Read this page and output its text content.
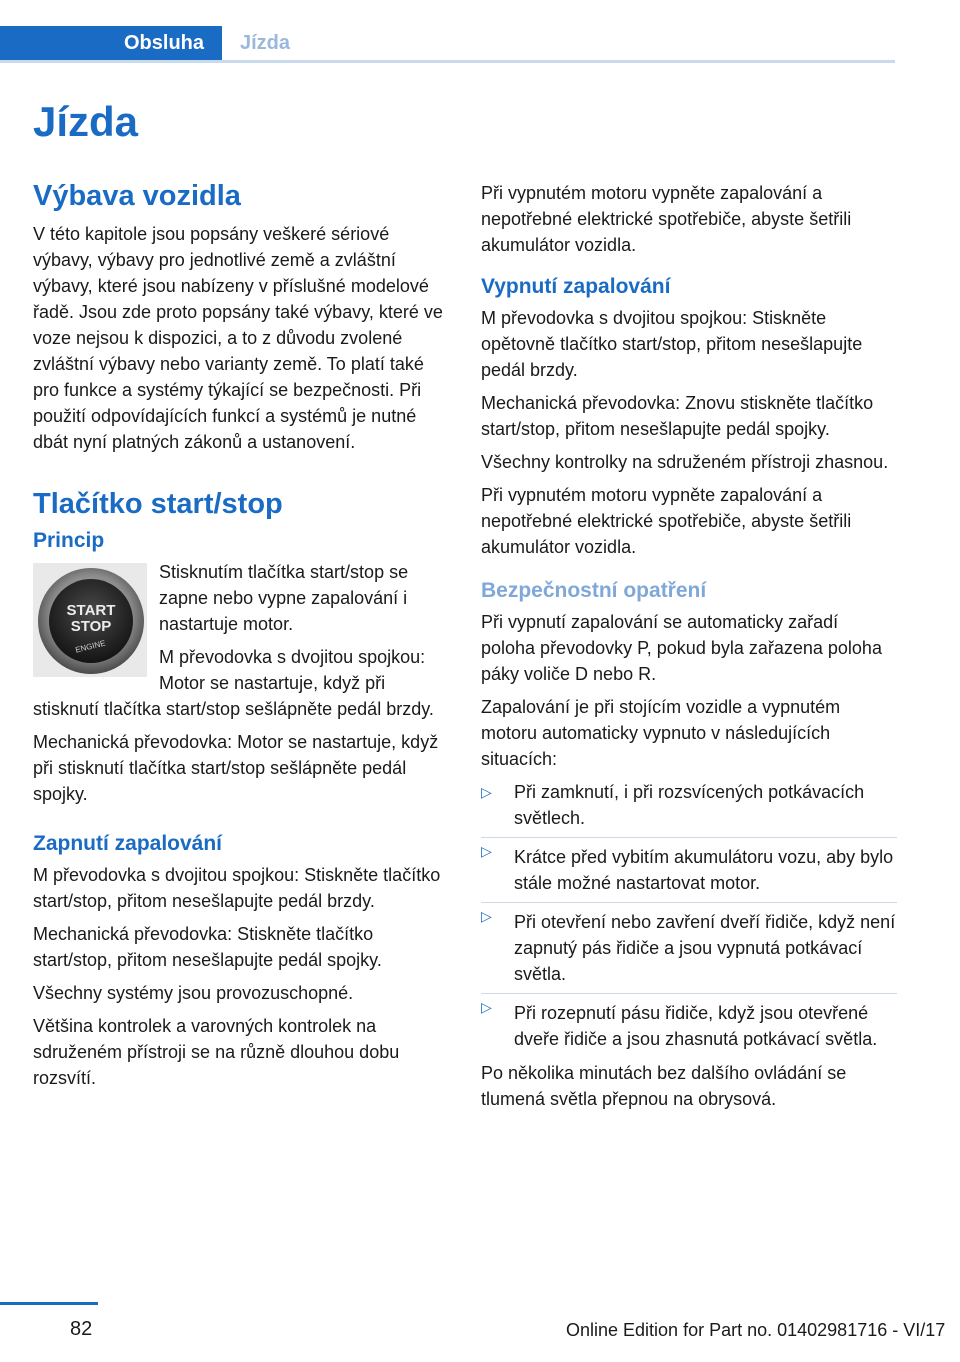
Obsluha Jízda
Jízda
Výbava vozidla

V této kapitole jsou popsány veškeré sériové výbavy, výbavy pro jednotlivé země a zvláštní výbavy, které jsou nabízeny v příslušné modelové řadě. Jsou zde proto popsány také výbavy, které ve voze nejsou k dispozici, a to z důvodu zvolené zvláštní výbavy nebo varianty země. To platí také pro funkce a systémy týkající se bezpečnosti. Při použití odpovídajících funkcí a systémů je nutné dbát nyní platných zákonů a ustanovení.

Tlačítko start/stop
Princip
START
STOP
ENGINE

Stisknutím tlačítka start/stop se zapne nebo vypne zapalování i nastartuje motor.

M převodovka s dvojitou spojkou: Motor se nastartuje, když při stisknutí tlačítka start/stop sešlápněte pedál brzdy.

Mechanická převodovka: Motor se nastartuje, když při stisknutí tlačítka start/stop sešlápněte pedál spojky.

Zapnutí zapalování

M převodovka s dvojitou spojkou: Stiskněte tlačítko start/stop, přitom nesešlapujte pedál brzdy.

Mechanická převodovka: Stiskněte tlačítko start/stop, přitom nesešlapujte pedál spojky.

Všechny systémy jsou provozuschopné.

Většina kontrolek a varovných kontrolek na sdruženém přístroji se na různě dlouhou dobu rozsvítí.

Při vypnutém motoru vypněte zapalování a nepotřebné elektrické spotřebiče, abyste šetřili akumulátor vozidla.

Vypnutí zapalování

M převodovka s dvojitou spojkou: Stiskněte opětovně tlačítko start/stop, přitom nesešlapujte pedál brzdy.

Mechanická převodovka: Znovu stiskněte tlačítko start/stop, přitom nesešlapujte pedál spojky.

Všechny kontrolky na sdruženém přístroji zhasnou.

Při vypnutém motoru vypněte zapalování a nepotřebné elektrické spotřebiče, abyste šetřili akumulátor vozidla.

Bezpečnostní opatření

Při vypnutí zapalování se automaticky zařadí poloha převodovky P, pokud byla zařazena poloha páky voliče D nebo R.

Zapalování je při stojícím vozidle a vypnutém motoru automaticky vypnuto v následujících situacích:

▷ Při zamknutí, i při rozsvícených potkávacích světlech.
▷ Krátce před vybitím akumulátoru vozu, aby bylo stále možné nastartovat motor.
▷ Při otevření nebo zavření dveří řidiče, když není zapnutý pás řidiče a jsou vypnutá potkávací světla.
▷ Při rozepnutí pásu řidiče, když jsou otevřené dveře řidiče a jsou zhasnutá potkávací světla.

Po několika minutách bez dalšího ovládání se tlumená světla přepnou na obrysová.

82	Online Edition for Part no. 01402981716 - VI/17
